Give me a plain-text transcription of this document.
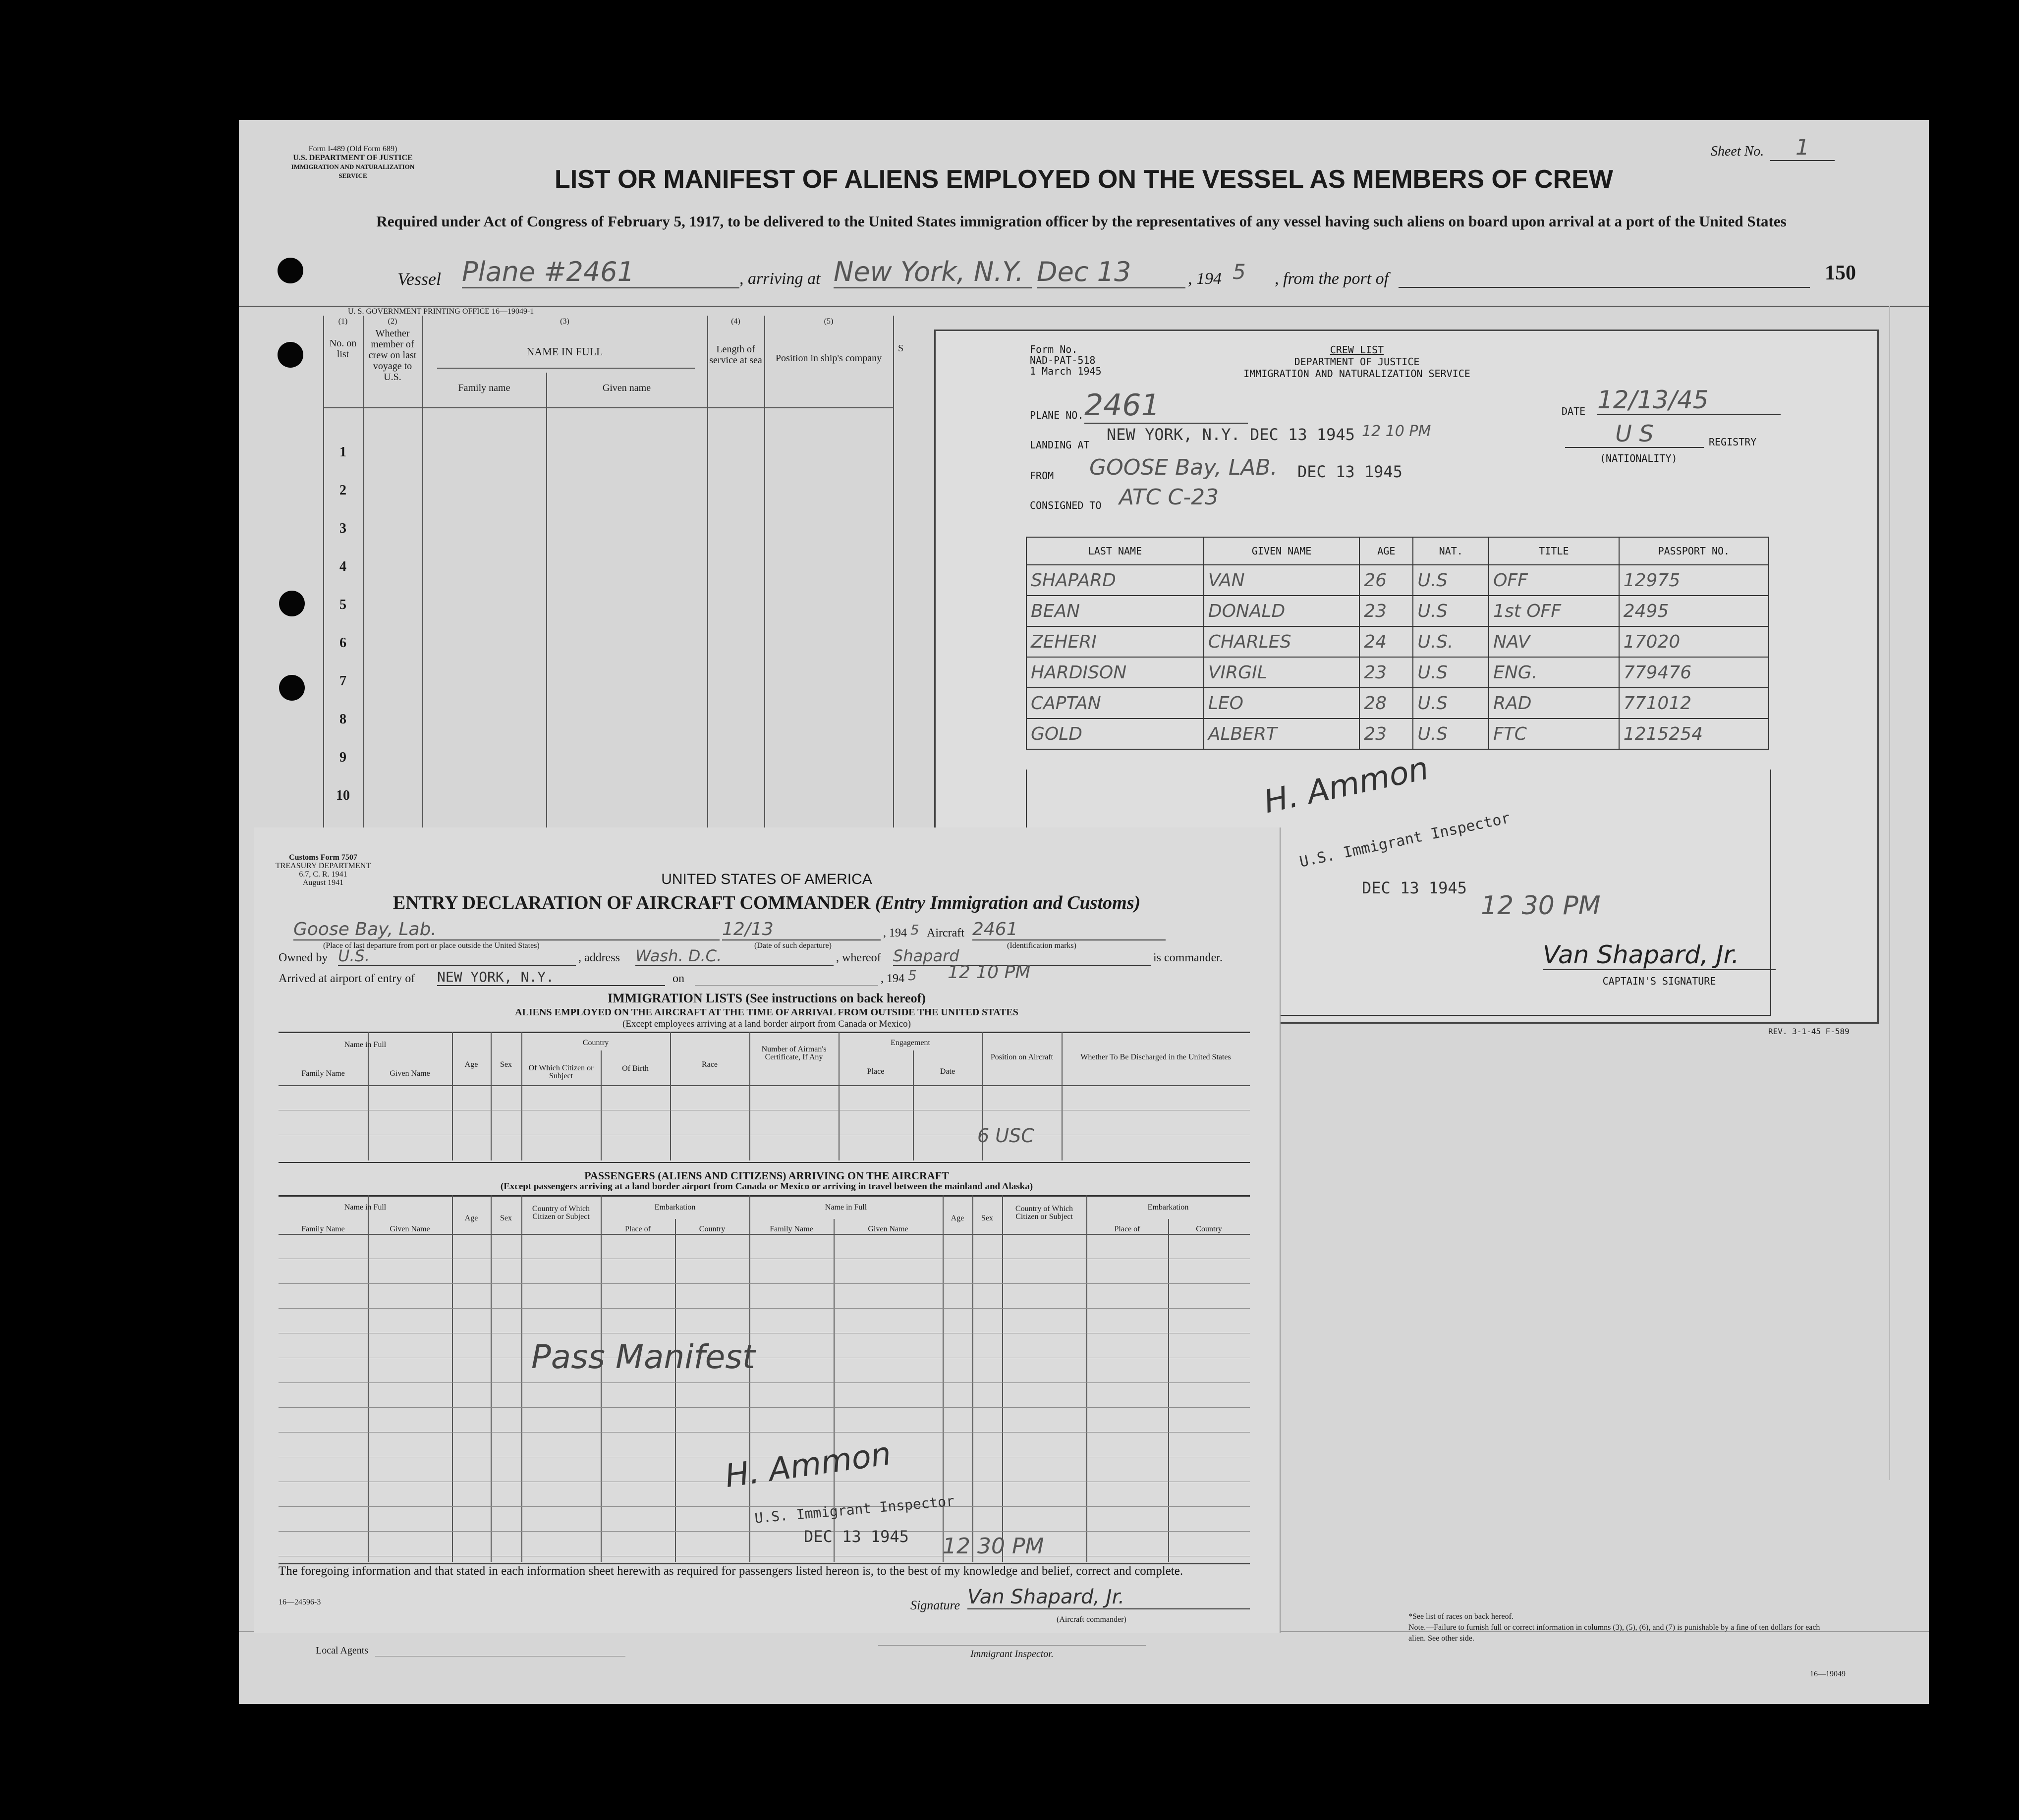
Form I-489 (Old Form 689)
U.S. DEPARTMENT OF JUSTICE
IMMIGRATION AND NATURALIZATION SERVICE
Sheet No.	1
LIST OR MANIFEST OF ALIENS EMPLOYED ON THE VESSEL AS MEMBERS OF CREW
Required under Act of Congress of February 5, 1917, to be delivered to the United States immigration officer by the representatives of any vessel having such aliens on board upon arrival at a port of the United States
Vessel Plane #2461	, arriving at New York, N.Y. Dec 13	, 194 5 , from the port of	150
U. S. GOVERNMENT PRINTING OFFICE 16—19049-1
(1)
No. on list
(2)
Whether member of crew on last voyage to U.S.
(3)
NAME IN FULL
Family name	Given name
(4)
Length of service at sea
(5)
Position in ship's company
S
1
2
3
4
5
6
7
8
9
10
Local Agents	Immigrant Inspector.
*See list of races on back hereof.
Note.—Failure to furnish full or correct information in columns (3), (5), (6), and (7) is punishable by a fine of ten dollars for each alien. See other side.
16—19049
Form No.
NAD-PAT-518
1 March 1945
CREW LIST
DEPARTMENT OF JUSTICE
IMMIGRATION AND NATURALIZATION SERVICE
PLANE NO. 2461	DATE 12/13/45
LANDING AT
NEW YORK, N.Y. DEC 13 1945 12 10 PM	U S	REGISTRY
(NATIONALITY)
FROM GOOSE Bay, LAB. DEC 13 1945
CONSIGNED TO ATC C-23
LAST NAME	GIVEN NAME	AGE	NAT.	TITLE	PASSPORT NO.
SHAPARD	VAN	26	U.S	OFF	12975
BEAN	DONALD	23	U.S	1st OFF	2495
ZEHERI	CHARLES	24	U.S.	NAV	17020
HARDISON	VIRGIL	23	U.S	ENG.	779476
CAPTAN	LEO	28	U.S	RAD	771012
GOLD	ALBERT	23	U.S	FTC	1215254
H. Ammon
U.S. Immigrant Inspector
DEC 13 1945
12 30 PM
Van Shapard, Jr.
CAPTAIN'S SIGNATURE
REV. 3-1-45 F-589
Customs Form 7507
TREASURY DEPARTMENT
6.7, C. R. 1941
August 1941	UNITED STATES OF AMERICA
ENTRY DECLARATION OF AIRCRAFT COMMANDER (Entry Immigration and Customs)
Goose Bay, Lab.
(Place of last departure from port or place outside the United States)
12/13
(Date of such departure)
, 194 5 Aircraft 2461
(Identification marks)
Owned by U.S.	, address Wash. D.C.	, whereof Shapard	is commander.
Arrived at airport of entry of NEW YORK, N.Y.	on	, 194 5 12 10 PM
IMMIGRATION LISTS (See instructions on back hereof)
ALIENS EMPLOYED ON THE AIRCRAFT AT THE TIME OF ARRIVAL FROM OUTSIDE THE UNITED STATES
(Except employees arriving at a land border airport from Canada or Mexico)
Name in Full
Family Name	Given Name
Age	Sex
Country
Of Which Citizen or Subject
Of Birth	Race
Number of Airman's Certificate, If Any
Engagement
Place	Date
Position on Aircraft	Whether To Be Discharged in the United States
6 USC
PASSENGERS (ALIENS AND CITIZENS) ARRIVING ON THE AIRCRAFT
(Except passengers arriving at a land border airport from Canada or Mexico or arriving in travel between the mainland and Alaska)
Name in Full
Family Name	Given Name
Age	Sex
Country of Which Citizen or Subject
Embarkation
Place of	Country
Name in Full
Family Name	Given Name
Age	Sex
Country of Which Citizen or Subject
Embarkation
Place of	Country
Pass Manifest
H. Ammon
U.S. Immigrant Inspector
DEC 13 1945 12 30 PM
The foregoing information and that stated in each information sheet herewith as required for passengers listed hereon is, to the best of my knowledge and belief, correct and complete.
16—24596-3	Signature Van Shapard, Jr.
(Aircraft commander)
